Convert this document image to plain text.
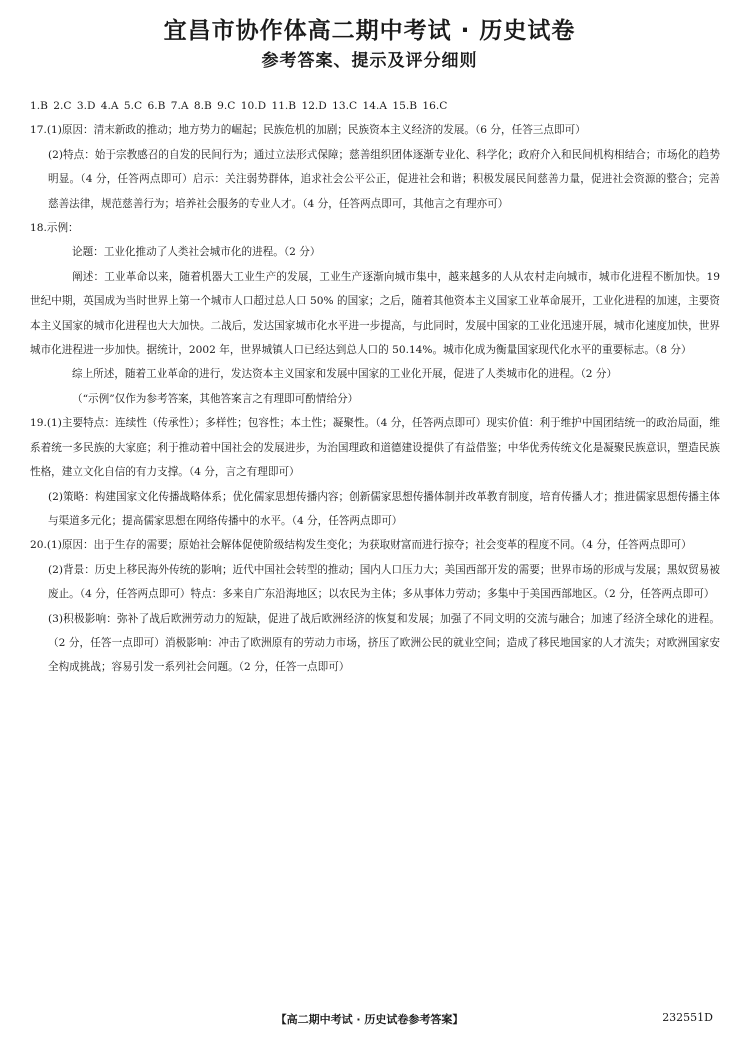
宜昌市协作体高二期中考试 · 历史试卷
参考答案、提示及评分细则

1.B 2.C 3.D 4.A 5.C 6.B 7.A 8.B 9.C 10.D 11.B 12.D 13.C 14.A 15.B 16.C

17.(1)原因：清末新政的推动；地方势力的崛起；民族危机的加剧；民族资本主义经济的发展。（6 分，任答三点即可）

(2)特点：始于宗教感召的自发的民间行为；通过立法形式保障；慈善组织团体逐渐专业化、科学化；政府介入和民间机构相结合；市场化的趋势明显。（4 分，任答两点即可）启示：关注弱势群体，追求社会公平公正，促进社会和谐；积极发展民间慈善力量，促进社会资源的整合；完善慈善法律，规范慈善行为；培养社会服务的专业人才。（4 分，任答两点即可，其他言之有理亦可）

18.示例：

论题：工业化推动了人类社会城市化的进程。（2 分）

阐述：工业革命以来，随着机器大工业生产的发展，工业生产逐渐向城市集中，越来越多的人从农村走向城市，城市化进程不断加快。19 世纪中期，英国成为当时世界上第一个城市人口超过总人口 50% 的国家；之后，随着其他资本主义国家工业革命展开，工业化进程的加速，主要资本主义国家的城市化进程也大大加快。二战后，发达国家城市化水平进一步提高，与此同时，发展中国家的工业化迅速开展，城市化速度加快，世界城市化进程进一步加快。据统计，2002 年，世界城镇人口已经达到总人口的 50.14%。城市化成为衡量国家现代化水平的重要标志。（8 分）

综上所述，随着工业革命的进行，发达资本主义国家和发展中国家的工业化开展，促进了人类城市化的进程。（2 分）

（“示例”仅作为参考答案，其他答案言之有理即可酌情给分）

19.(1)主要特点：连续性（传承性）；多样性；包容性；本土性；凝聚性。（4 分，任答两点即可）现实价值：利于维护中国团结统一的政治局面，维系着统一多民族的大家庭；利于推动着中国社会的发展进步，为治国理政和道德建设提供了有益借鉴；中华优秀传统文化是凝聚民族意识，塑造民族性格，建立文化自信的有力支撑。（4 分，言之有理即可）

(2)策略：构建国家文化传播战略体系；优化儒家思想传播内容；创新儒家思想传播体制并改革教育制度，培育传播人才；推进儒家思想传播主体与渠道多元化；提高儒家思想在网络传播中的水平。（4 分，任答两点即可）

20.(1)原因：出于生存的需要；原始社会解体促使阶级结构发生变化；为获取财富而进行掠夺；社会变革的程度不同。（4 分，任答两点即可）

(2)背景：历史上移民海外传统的影响；近代中国社会转型的推动；国内人口压力大；美国西部开发的需要；世界市场的形成与发展；黑奴贸易被废止。（4 分，任答两点即可）特点：多来自广东沿海地区；以农民为主体；多从事体力劳动；多集中于美国西部地区。（2 分，任答两点即可）

(3)积极影响：弥补了战后欧洲劳动力的短缺，促进了战后欧洲经济的恢复和发展；加强了不同文明的交流与融合；加速了经济全球化的进程。（2 分，任答一点即可）消极影响：冲击了欧洲原有的劳动力市场，挤压了欧洲公民的就业空间；造成了移民地国家的人才流失；对欧洲国家安全构成挑战；容易引发一系列社会问题。（2 分，任答一点即可）

【高二期中考试 · 历史试卷参考答案】	232551D
